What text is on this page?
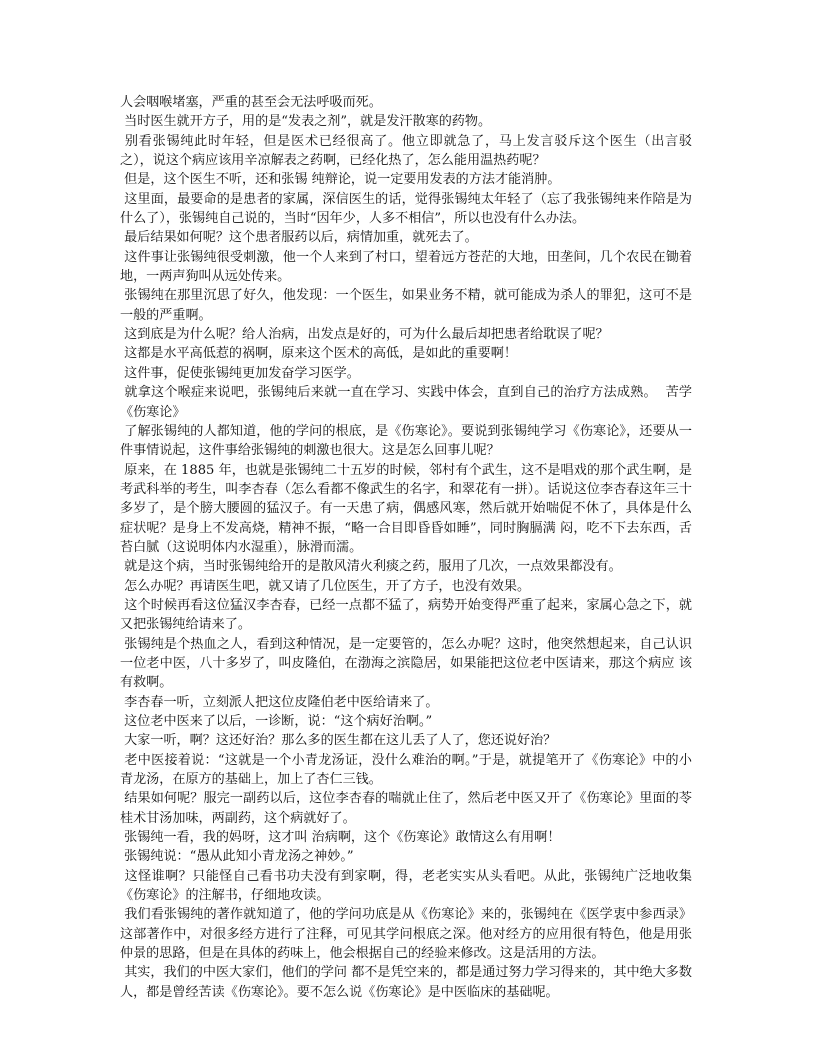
人会咽喉堵塞，严重的甚至会无法呼吸而死。

当时医生就开方子，用的是“发表之剂”，就是发汗散寒的药物。

别看张锡纯此时年轻，但是医术已经很高了。他立即就急了，马上发言驳斥这个医生（出言驳之），说这个病应该用辛凉解表之药啊，已经化热了，怎么能用温热药呢？

但是，这个医生不听，还和张锡 纯辩论，说一定要用发表的方法才能消肿。

这里面，最要命的是患者的家属，深信医生的话，觉得张锡纯太年轻了（忘了我张锡纯来作陪是为什么了），张锡纯自己说的，当时“因年少，人多不相信”，所以也没有什么办法。

最后结果如何呢？这个患者服药以后，病情加重，就死去了。

这件事让张锡纯很受刺激，他一个人来到了村口，望着远方苍茫的大地，田垄间，几个农民在锄着地，一两声狗叫从远处传来。

张锡纯在那里沉思了好久，他发现：一个医生，如果业务不精，就可能成为杀人的罪犯，这可不是一般的严重啊。

这到底是为什么呢？给人治病，出发点是好的，可为什么最后却把患者给耽误了呢？

这都是水平高低惹的祸啊，原来这个医术的高低，是如此的重要啊！

这件事，促使张锡纯更加发奋学习医学。

就拿这个喉症来说吧，张锡纯后来就一直在学习、实践中体会，直到自己的治疗方法成熟。  苦学《伤寒论》

了解张锡纯的人都知道，他的学问的根底，是《伤寒论》。要说到张锡纯学习《伤寒论》，还要从一件事情说起，这件事给张锡纯的刺激也很大。这是怎么回事儿呢？

原来，在 1885 年，也就是张锡纯二十五岁的时候，邻村有个武生，这不是唱戏的那个武生啊，是考武科举的考生，叫李杏春（怎么看都不像武生的名字，和翠花有一拼）。话说这位李杏春这年三十多岁了，是个膀大腰圆的猛汉子。有一天患了病，偶感风寒，然后就开始喘促不休了，具体是什么症状呢？是身上不发高烧，精神不振，“略一合目即昏昏如睡”，同时胸膈满 闷，吃不下去东西，舌苔白腻（这说明体内水湿重），脉滑而濡。

就是这个病，当时张锡纯给开的是散风清火利痰之药，服用了几次，一点效果都没有。

怎么办呢？再请医生吧，就又请了几位医生，开了方子，也没有效果。

这个时候再看这位猛汉李杏春，已经一点都不猛了，病势开始变得严重了起来，家属心急之下，就又把张锡纯给请来了。

张锡纯是个热血之人，看到这种情况，是一定要管的，怎么办呢？这时，他突然想起来，自己认识一位老中医，八十多岁了，叫皮隆伯，在渤海之滨隐居，如果能把这位老中医请来，那这个病应 该有救啊。

李杏春一听，立刻派人把这位皮隆伯老中医给请来了。

这位老中医来了以后，一诊断，说：“这个病好治啊。”

大家一听，啊？这还好治？那么多的医生都在这儿丢了人了，您还说好治？

老中医接着说：“这就是一个小青龙汤证，没什么难治的啊。”于是，就提笔开了《伤寒论》中的小青龙汤，在原方的基础上，加上了杏仁三钱。

结果如何呢？服完一副药以后，这位李杏春的喘就止住了，然后老中医又开了《伤寒论》里面的苓桂术甘汤加味，两副药，这个病就好了。

张锡纯一看，我的妈呀，这才叫 治病啊，这个《伤寒论》敢情这么有用啊！

张锡纯说：“愚从此知小青龙汤之神妙。”

这怪谁啊？只能怪自己看书功夫没有到家啊，得，老老实实从头看吧。从此，张锡纯广泛地收集《伤寒论》的注解书，仔细地攻读。

我们看张锡纯的著作就知道了，他的学问功底是从《伤寒论》来的，张锡纯在《医学衷中参西录》这部著作中，对很多经方进行了注释，可见其学问根底之深。他对经方的应用很有特色，他是用张仲景的思路，但是在具体的药味上，他会根据自己的经验来修改。这是活用的方法。

其实，我们的中医大家们，他们的学问 都不是凭空来的，都是通过努力学习得来的，其中绝大多数人，都是曾经苦读《伤寒论》。要不怎么说《伤寒论》是中医临床的基础呢。
